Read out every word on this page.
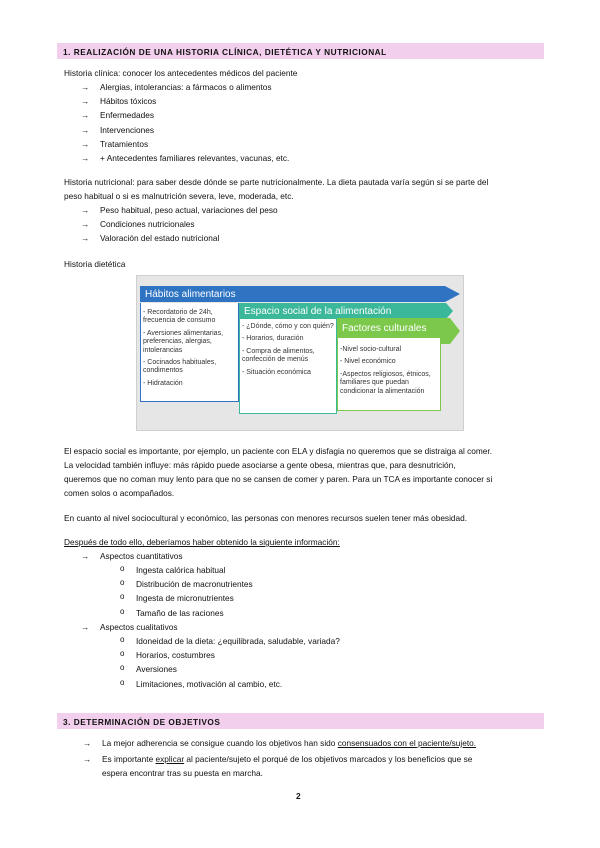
1. REALIZACIÓN DE UNA HISTORIA CLÍNICA, DIETÉTICA Y NUTRICIONAL
Historia clínica: conocer los antecedentes médicos del paciente
→ Alergias, intolerancias: a fármacos o alimentos
→ Hábitos tóxicos
→ Enfermedades
→ Intervenciones
→ Tratamientos
→ + Antecedentes familiares relevantes, vacunas, etc.
Historia nutricional: para saber desde dónde se parte nutricionalmente. La dieta pautada varía según si se parte del
peso habitual o si es malnutrición severa, leve, moderada, etc.
→ Peso habitual, peso actual, variaciones del peso
→ Condiciones nutricionales
→ Valoración del estado nutricional
Historia dietética
Hábitos alimentarios
Espacio social de la alimentación
Factores culturales

- Recordatorio de 24h, frecuencia de consumo

- Aversiones alimentarias, preferencias, alergias, intolerancias

- Cocinados habituales, condimentos

- Hidratación

- ¿Dónde, cómo y con quién?

- Horarios, duración

- Compra de alimentos, confección de menús

- Situación económica

-Nivel socio-cultural

- Nivel económico

-Aspectos religiosos, étnicos, familiares que puedan condicionar la alimentación

El espacio social es importante, por ejemplo, un paciente con ELA y disfagia no queremos que se distraiga al comer.
La velocidad también influye: más rápido puede asociarse a gente obesa, mientras que, para desnutrición,
queremos que no coman muy lento para que no se cansen de comer y paren. Para un TCA es importante conocer si
comen solos o acompañados.
En cuanto al nivel sociocultural y económico, las personas con menores recursos suelen tener más obesidad.
Después de todo ello, deberíamos haber obtenido la siguiente información:
→ Aspectos cuantitativos
o Ingesta calórica habitual
o Distribución de macronutrientes
o Ingesta de micronutrientes
o Tamaño de las raciones
→ Aspectos cualitativos
o Idoneidad de la dieta: ¿equilibrada, saludable, variada?
o Horarios, costumbres
o Aversiones
o Limitaciones, motivación al cambio, etc.
3. DETERMINACIÓN DE OBJETIVOS
→ La mejor adherencia se consigue cuando los objetivos han sido consensuados con el paciente/sujeto.
→ Es importante explicar al paciente/sujeto el porqué de los objetivos marcados y los beneficios que se
espera encontrar tras su puesta en marcha.
2
